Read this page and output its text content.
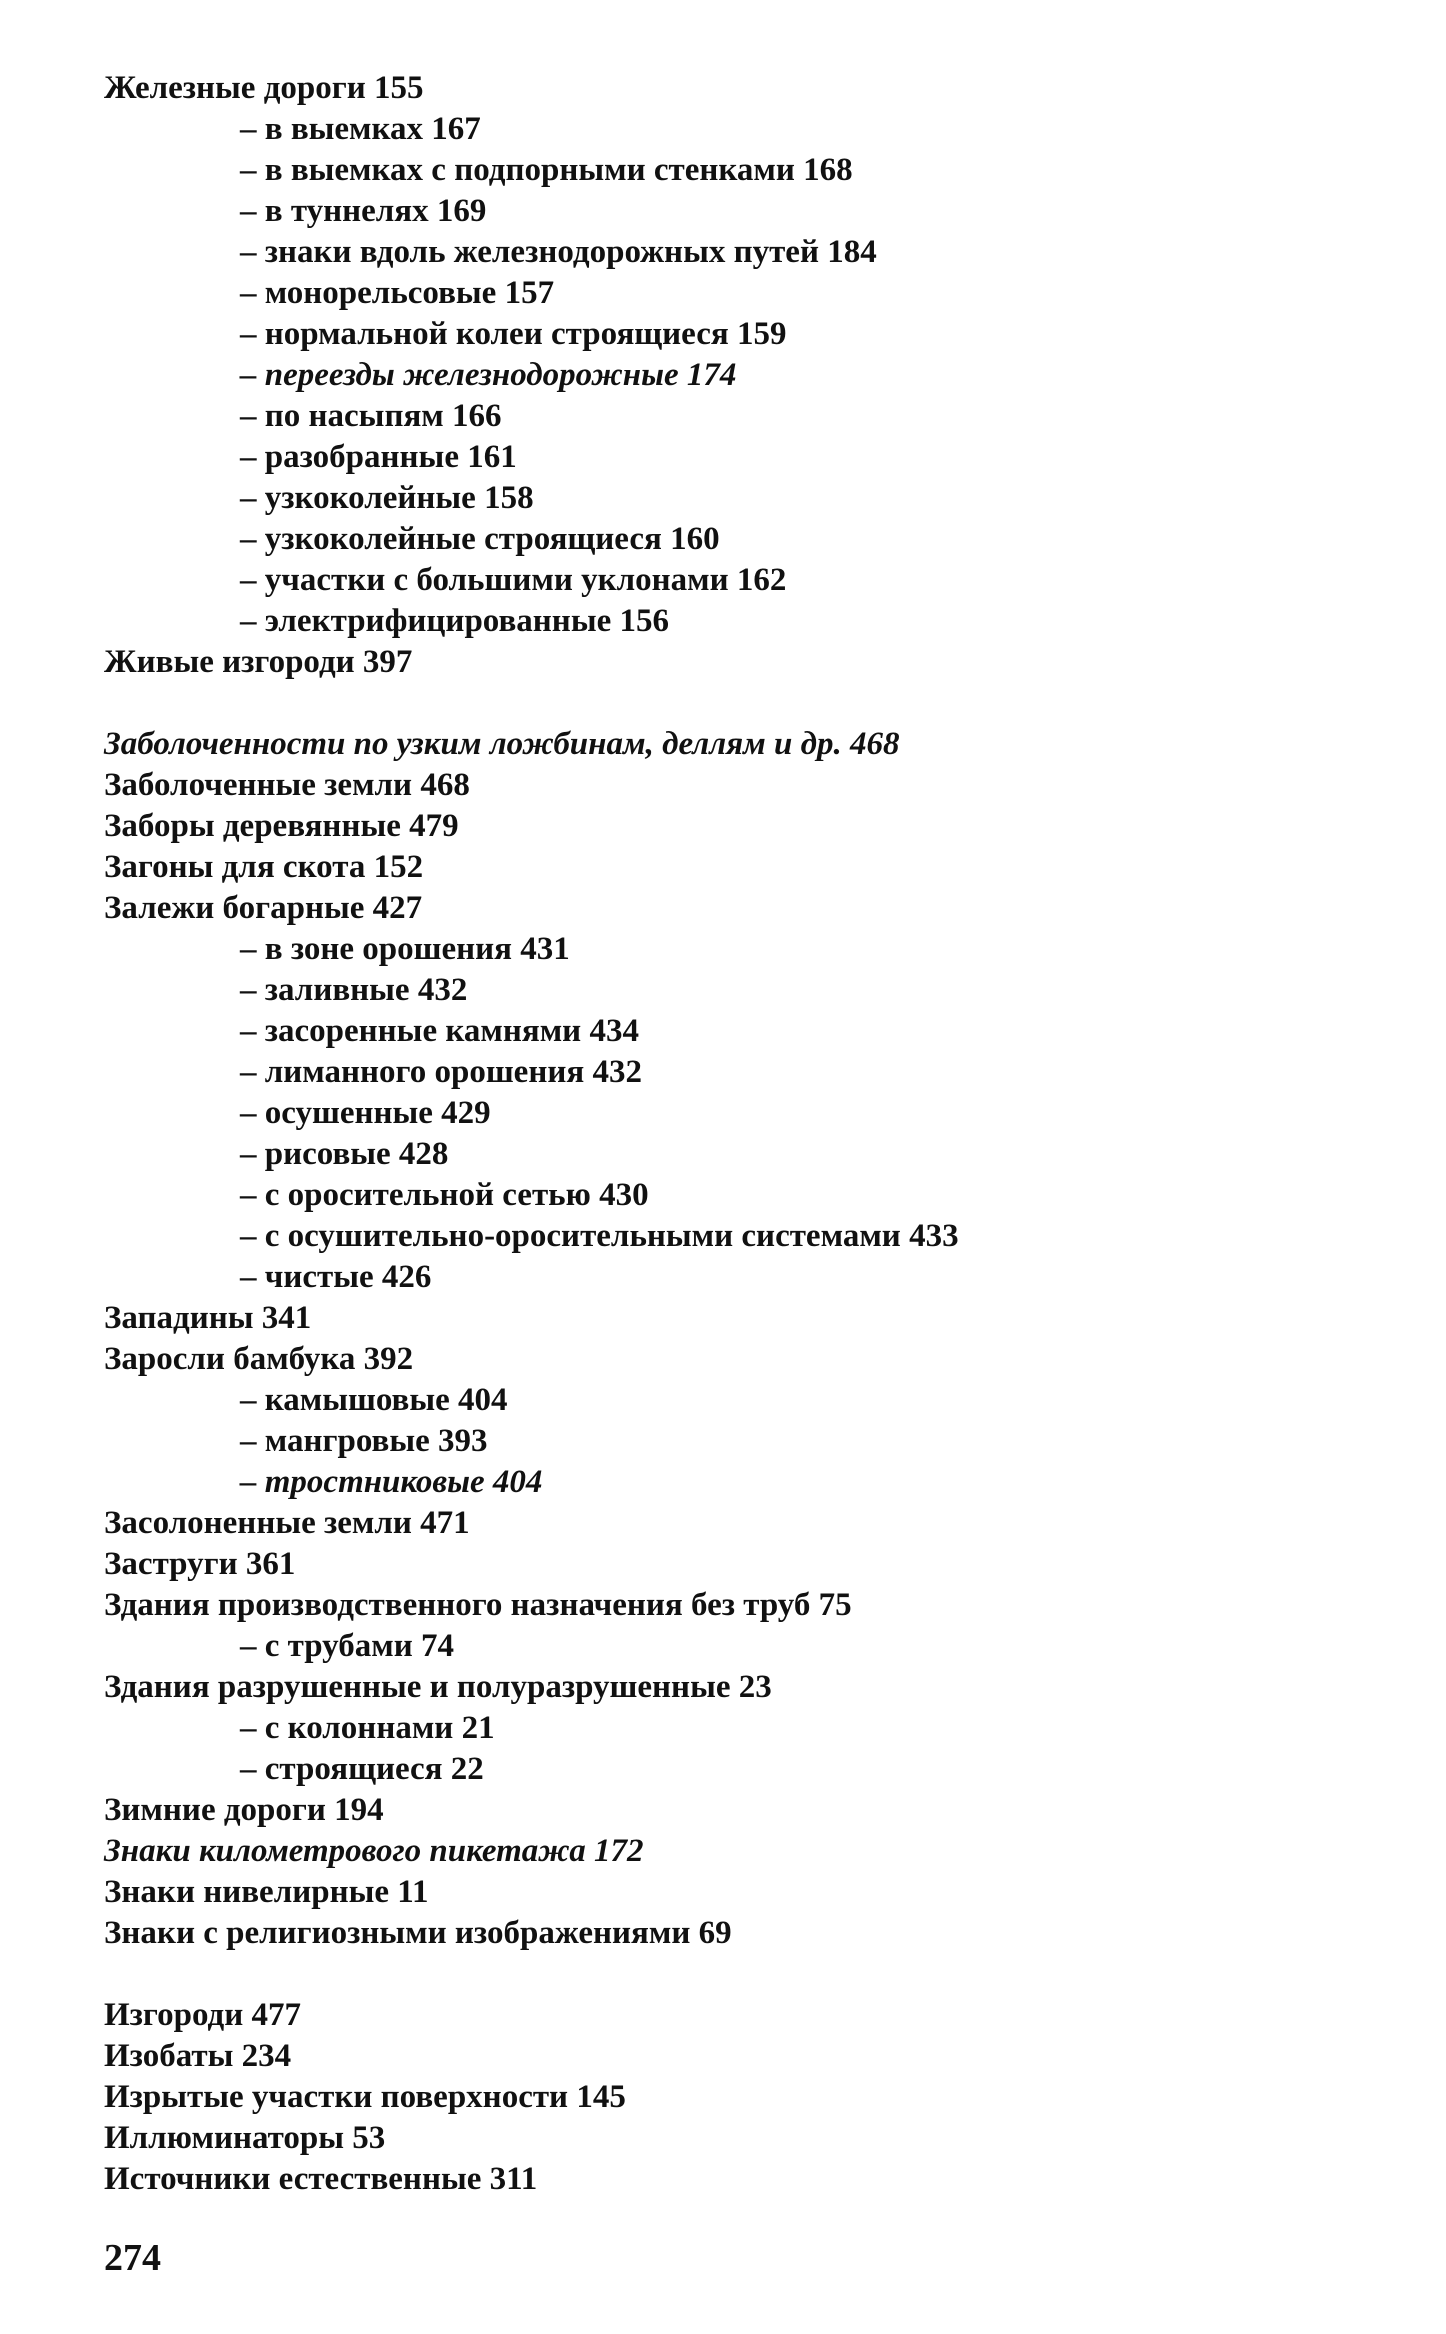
Железные дороги 155
– в выемках 167
– в выемках с подпорными стенками 168
– в туннелях 169
– знаки вдоль железнодорожных путей 184
– монорельсовые 157
– нормальной колеи строящиеся 159
– переезды железнодорожные 174
– по насыпям 166
– разобранные 161
– узкоколейные 158
– узкоколейные строящиеся 160
– участки с большими уклонами 162
– электрифицированные 156
Живые изгороди 397
Заболоченности по узким ложбинам, деллям и др. 468
Заболоченные земли 468
Заборы деревянные 479
Загоны для скота 152
Залежи богарные 427
– в зоне орошения 431
– заливные 432
– засоренные камнями 434
– лиманного орошения 432
– осушенные 429
– рисовые 428
– с оросительной сетью 430
– с осушительно-оросительными системами 433
– чистые 426
Западины 341
Заросли бамбука 392
– камышовые 404
– мангровые 393
– тростниковые 404
Засолоненные земли 471
Заструги 361
Здания производственного назначения без труб 75
– с трубами 74
Здания разрушенные и полуразрушенные 23
– с колоннами 21
– строящиеся 22
Зимние дороги 194
Знаки километрового пикетажа 172
Знаки нивелирные 11
Знаки с религиозными изображениями 69
Изгороди 477
Изобаты 234
Изрытые участки поверхности 145
Иллюминаторы 53
Источники естественные 311
274
